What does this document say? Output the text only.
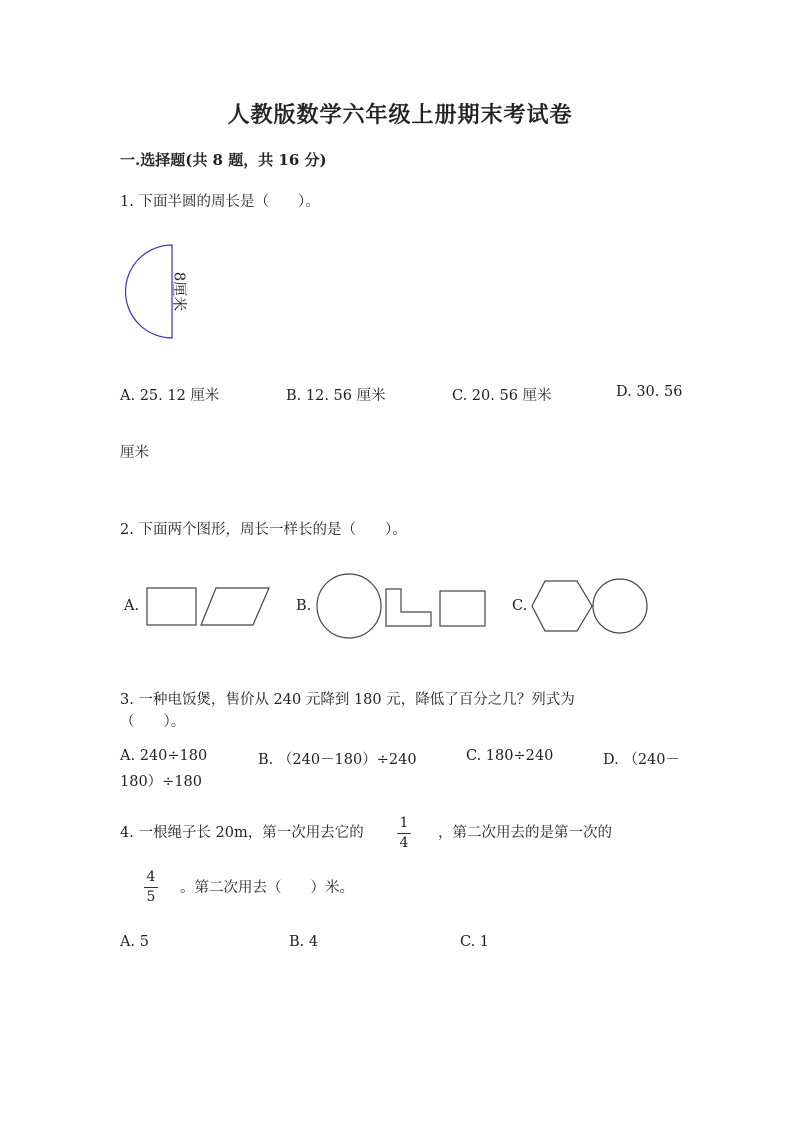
人教版数学六年级上册期末考试卷
一.选择题(共 8 题，共 16 分)
1. 下面半圆的周长是（　　）。
8厘米
A. 25. 12 厘米	B. 12. 56 厘米	C. 20. 56 厘米	D. 30. 56
厘米
2. 下面两个图形，周长一样长的是（　　）。
A.	B.	C.
3. 一种电饭煲，售价从 240 元降到 180 元，降低了百分之几？列式为
（　　）。
A. 240÷180	B. （240－180）÷240	C. 180÷240	D. （240－
180）÷180
4. 一根绳子长 20m，第一次用去它的
1
4
，第二次用去的是第一次的
4
5
。第二次用去（　　）米。
A. 5	B. 4	C. 1
